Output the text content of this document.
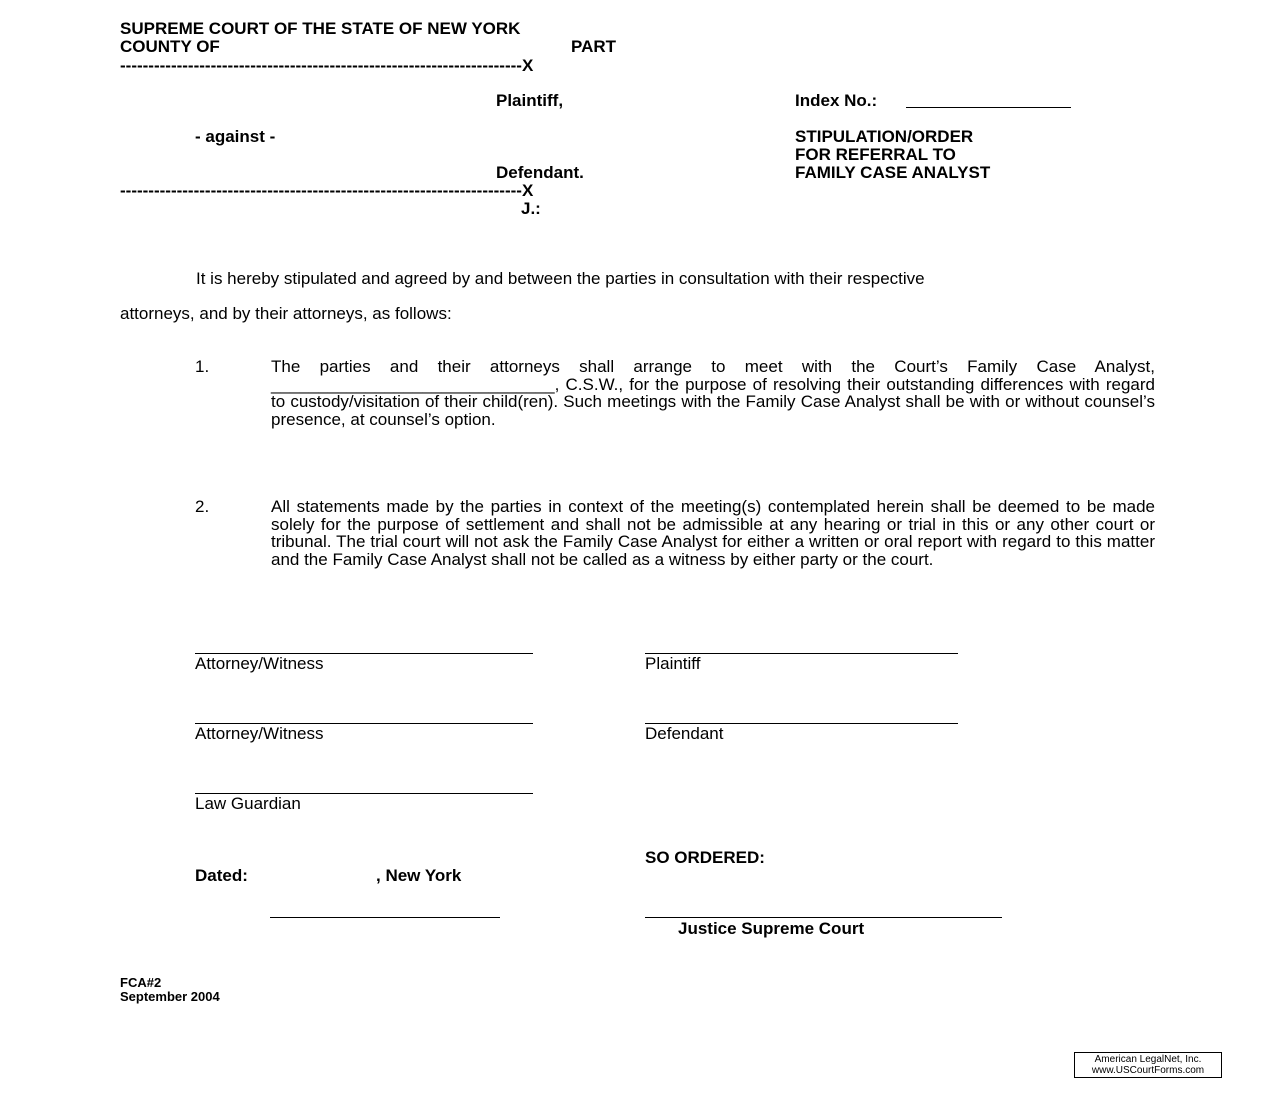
SUPREME COURT OF THE STATE OF NEW YORK
COUNTY OF	PART
-----------------------------------------------------------------------X
Plaintiff,
- against -
Defendant.
-----------------------------------------------------------------------X
J.:
Index No.:
STIPULATION/ORDER
FOR REFERRAL TO
FAMILY CASE ANALYST
It is hereby stipulated and agreed by and between the parties in consultation with their respective
attorneys, and by their attorneys, as follows:
1.	The parties and their attorneys shall arrange to meet with the Court’s Family Case Analyst, ______________________________, C.S.W., for the purpose of resolving their outstanding differences with regard to custody/visitation of their child(ren). Such meetings with the Family Case Analyst shall be with or without counsel’s presence, at counsel’s option.
2.	All statements made by the parties in context of the meeting(s) contemplated herein shall be deemed to be made solely for the purpose of settlement and shall not be admissible at any hearing or trial in this or any other court or tribunal. The trial court will not ask the Family Case Analyst for either a written or oral report with regard to this matter and the Family Case Analyst shall not be called as a witness by either party or the court.
Attorney/Witness
Attorney/Witness
Law Guardian
Plaintiff
Defendant
SO ORDERED:
Dated:	, New York
Justice Supreme Court
FCA#2
September 2004
American LegalNet, Inc.
www.USCourtForms.com
